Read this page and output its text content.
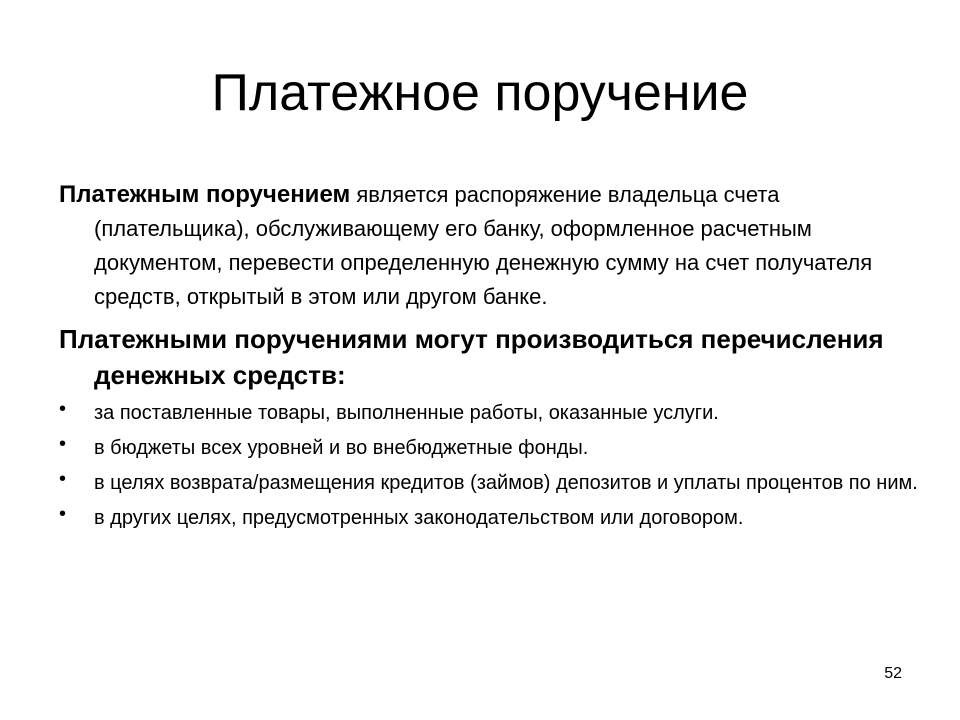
Платежное поручение

Платежным поручением является распоряжение владельца счета (плательщика), обслуживающему его банку, оформленное расчетным документом, перевести определенную денежную сумму на счет получателя средств, открытый в этом или другом банке.

Платежными поручениями могут производиться перечисления денежных средств:

• за поставленные товары, выполненные работы, оказанные услуги.
• в бюджеты всех уровней и во внебюджетные фонды.
• в целях возврата/размещения кредитов (займов) депозитов и уплаты процентов по ним.
• в других целях, предусмотренных законодательством или договором.
52
